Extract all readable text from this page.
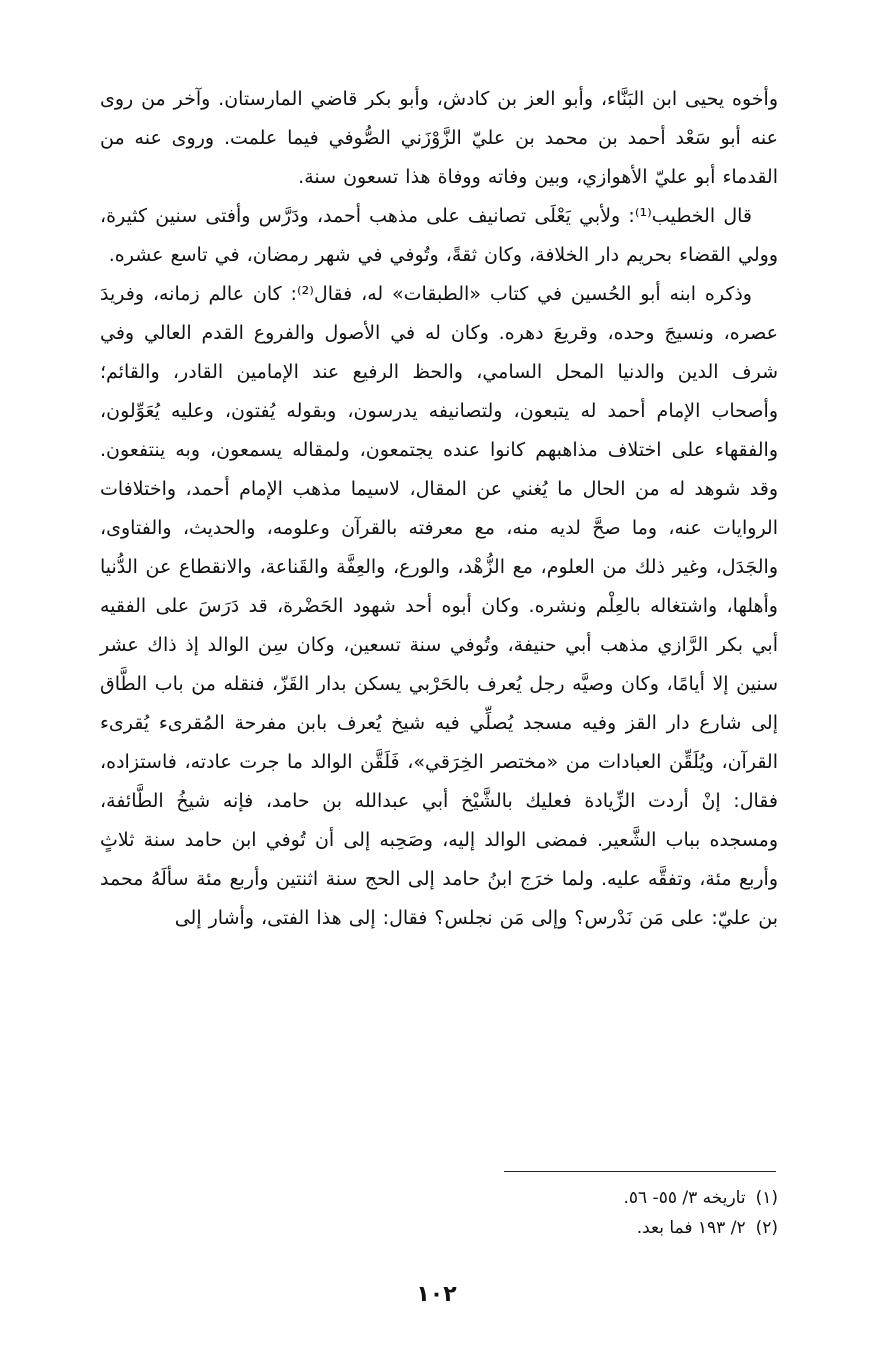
وأخوه يحيى ابن البَنَّاء، وأبو العز بن كادش، وأبو بكر قاضي المارستان. وآخر من روى عنه أبو سَعْد أحمد بن محمد بن عليّ الزَّوْزَني الصُّوفي فيما علمت. وروى عنه من القدماء أبو عليّ الأهوازي، وبين وفاته ووفاة هذا تسعون سنة.

قال الخطيب⁽¹⁾: ولأبي يَعْلَى تصانيف على مذهب أحمد، ودَرَّس وأفتى سنين كثيرة، وولي القضاء بحريم دار الخلافة، وكان ثقةً، وتُوفي في شهر رمضان، في تاسع عشره.

وذكره ابنه أبو الحُسين في كتاب «الطبقات» له، فقال⁽²⁾: كان عالم زمانه، وفريدَ عصره، ونسيجَ وحده، وقريعَ دهره. وكان له في الأصول والفروع القدم العالي وفي شرف الدين والدنيا المحل السامي، والحظ الرفيع عند الإمامين القادر، والقائم؛ وأصحاب الإمام أحمد له يتبعون، ولتصانيفه يدرسون، وبقوله يُفتون، وعليه يُعَوِّلون، والفقهاء على اختلاف مذاهبهم كانوا عنده يجتمعون، ولمقاله يسمعون، وبه ينتفعون. وقد شوهد له من الحال ما يُغني عن المقال، لاسيما مذهب الإمام أحمد، واختلافات الروايات عنه، وما صحَّ لديه منه، مع معرفته بالقرآن وعلومه، والحديث، والفتاوى، والجَدَل، وغير ذلك من العلوم، مع الزُّهْد، والورع، والعِفَّة والقَناعة، والانقطاع عن الدُّنيا وأهلها، واشتغاله بالعِلْم ونشره. وكان أبوه أحد شهود الحَضْرة، قد دَرَسَ على الفقيه أبي بكر الرَّازي مذهب أبي حنيفة، وتُوفي سنة تسعين، وكان سِن الوالد إذ ذاك عشر سنين إلا أيامًا، وكان وصيَّه رجل يُعرف بالحَرْبي يسكن بدار القَزّ، فنقله من باب الطَّاق إلى شارع دار القز وفيه مسجد يُصلِّي فيه شيخ يُعرف بابن مفرحة المُقرىء يُقرىء القرآن، ويُلَقِّن العبادات من «مختصر الخِرَقي»، فَلَقَّن الوالد ما جرت عادته، فاستزاده، فقال: إنْ أردت الزِّيادة فعليك بالشَّيْخ أبي عبدالله بن حامد، فإنه شيخُ الطَّائفة، ومسجده بباب الشَّعير. فمضى الوالد إليه، وصَحِبه إلى أن تُوفي ابن حامد سنة ثلاثٍ وأربع مئة، وتفقَّه عليه. ولما خرَج ابنُ حامد إلى الحج سنة اثنتين وأربع مئة سألَهُ محمد بن عليّ: على مَن نَدْرس؟ وإلى مَن نجلس؟ فقال: إلى هذا الفتى، وأشار إلى

(١)تاريخه ٣/ ٥٥- ٥٦.
(٢)٢/ ١٩٣ فما بعد.
١٠٢
